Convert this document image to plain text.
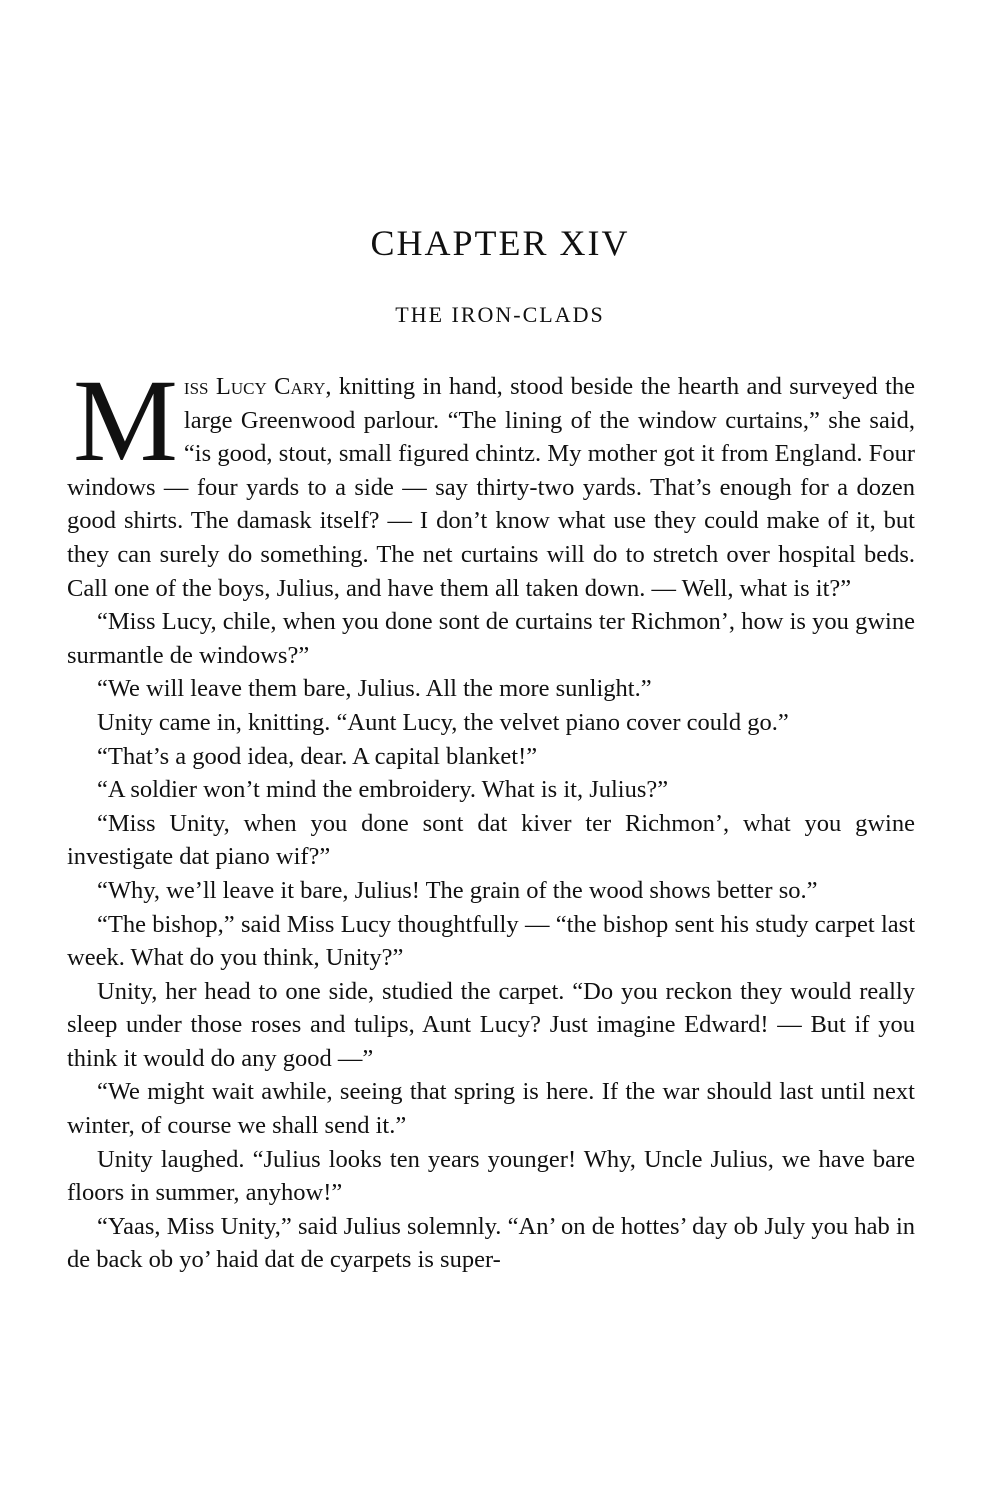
CHAPTER XIV
THE IRON-CLADS

Miss Lucy Cary, knitting in hand, stood beside the hearth and surveyed the large Greenwood parlour. “The lining of the window curtains,” she said, “is good, stout, small figured chintz. My mother got it from England. Four windows — four yards to a side — say thirty-two yards. That’s enough for a dozen good shirts. The damask itself? — I don’t know what use they could make of it, but they can surely do something. The net curtains will do to stretch over hospital beds. Call one of the boys, Julius, and have them all taken down. — Well, what is it?”

“Miss Lucy, chile, when you done sont de curtains ter Richmon’, how is you gwine surmantle de windows?”

“We will leave them bare, Julius. All the more sunlight.”

Unity came in, knitting. “Aunt Lucy, the velvet piano cover could go.”

“That’s a good idea, dear. A capital blanket!”

“A soldier won’t mind the embroidery. What is it, Julius?”

“Miss Unity, when you done sont dat kiver ter Richmon’, what you gwine investigate dat piano wif?”

“Why, we’ll leave it bare, Julius! The grain of the wood shows better so.”

“The bishop,” said Miss Lucy thoughtfully — “the bishop sent his study carpet last week. What do you think, Unity?”

Unity, her head to one side, studied the carpet. “Do you reckon they would really sleep under those roses and tulips, Aunt Lucy? Just imagine Edward! — But if you think it would do any good —”

“We might wait awhile, seeing that spring is here. If the war should last until next winter, of course we shall send it.”

Unity laughed. “Julius looks ten years younger! Why, Uncle Julius, we have bare floors in summer, anyhow!”

“Yaas, Miss Unity,” said Julius solemnly. “An’ on de hottes’ day ob July you hab in de back ob yo’ haid dat de cyarpets is super-
